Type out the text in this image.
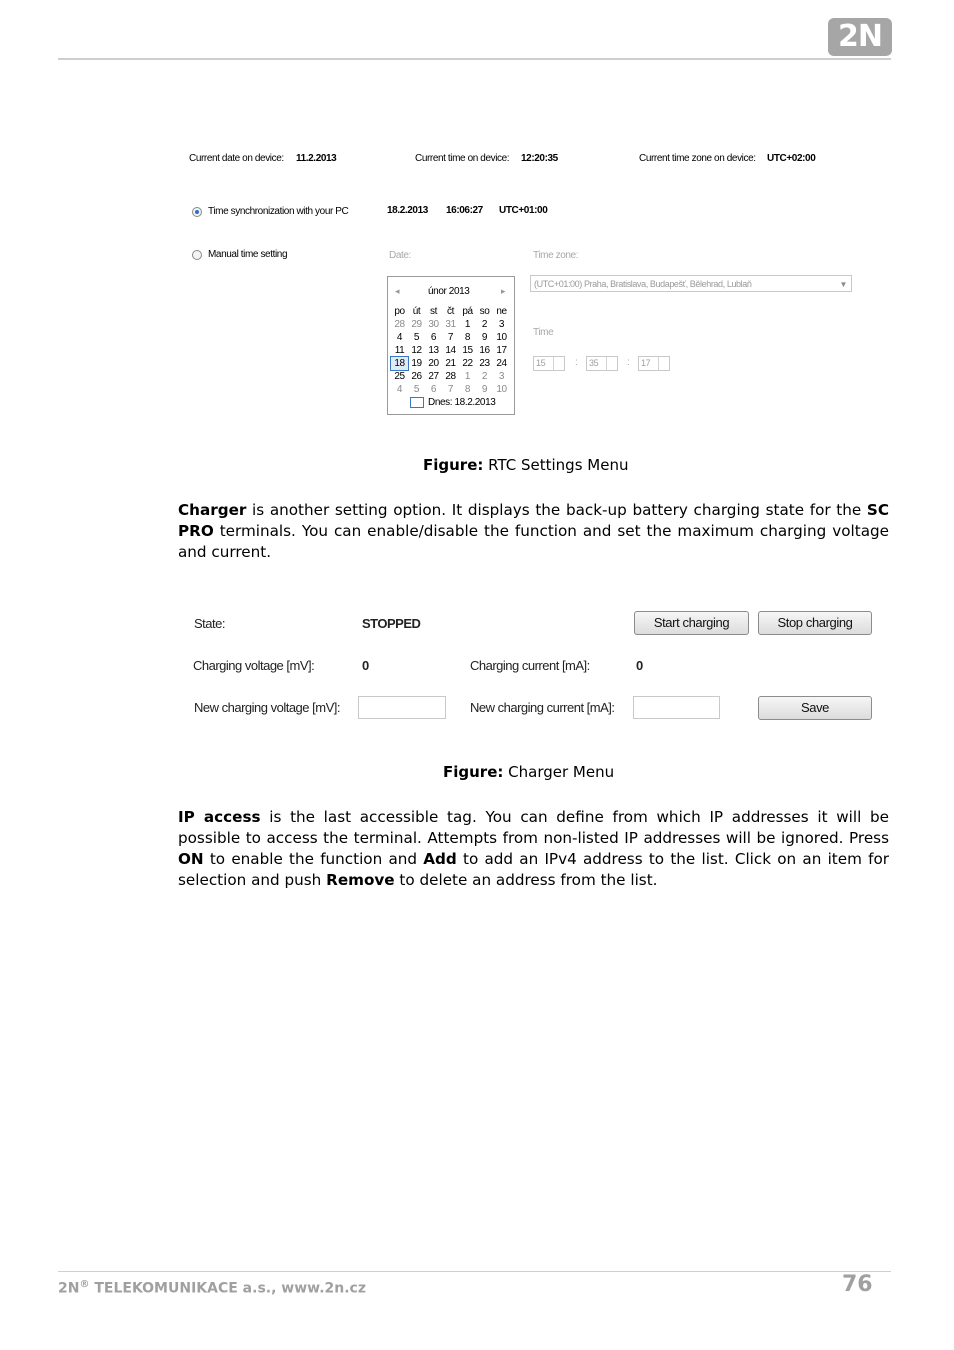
2N
Current date on device: 11.2.2013	Current time on device: 12:20:35	Current time zone on device: UTC+02:00
Time synchronization with your PC	18.2.2013 16:06:27 UTC+01:00
Manual time setting	Date:	Time zone:
◂	únor 2013	▸
po út st	čt pá so ne
28 29 30 31 1	2	3
4	5	6	7	8	9 10
11 12 13 14 15 16 17
18 19 20 21 22 23 24
25 26 27 28 1	2	3
4	5	6	7	8	9 10
Dnes: 18.2.2013
(UTC+01:00) Praha, Bratislava, Budapešť, Bělehrad, Lublaň	▼
Time
15	:	35	:	17
Figure: RTC Settings Menu
Charger is another setting option. It displays the back-up battery charging state for the SC PRO terminals. You can enable/disable the function and set the maximum charging voltage and current.
State:	STOPPED	Start charging	Stop charging
Charging voltage [mV]:	0	Charging current [mA]:	0
New charging voltage [mV]:	New charging current [mA]:	Save
Figure: Charger Menu
IP access is the last accessible tag. You can define from which IP addresses it will be possible to access the terminal. Attempts from non-listed IP addresses will be ignored. Press ON to enable the function and Add to add an IPv4 address to the list. Click on an item for selection and push Remove to delete an address from the list.
2N® TELEKOMUNIKACE a.s., www.2n.cz	76
